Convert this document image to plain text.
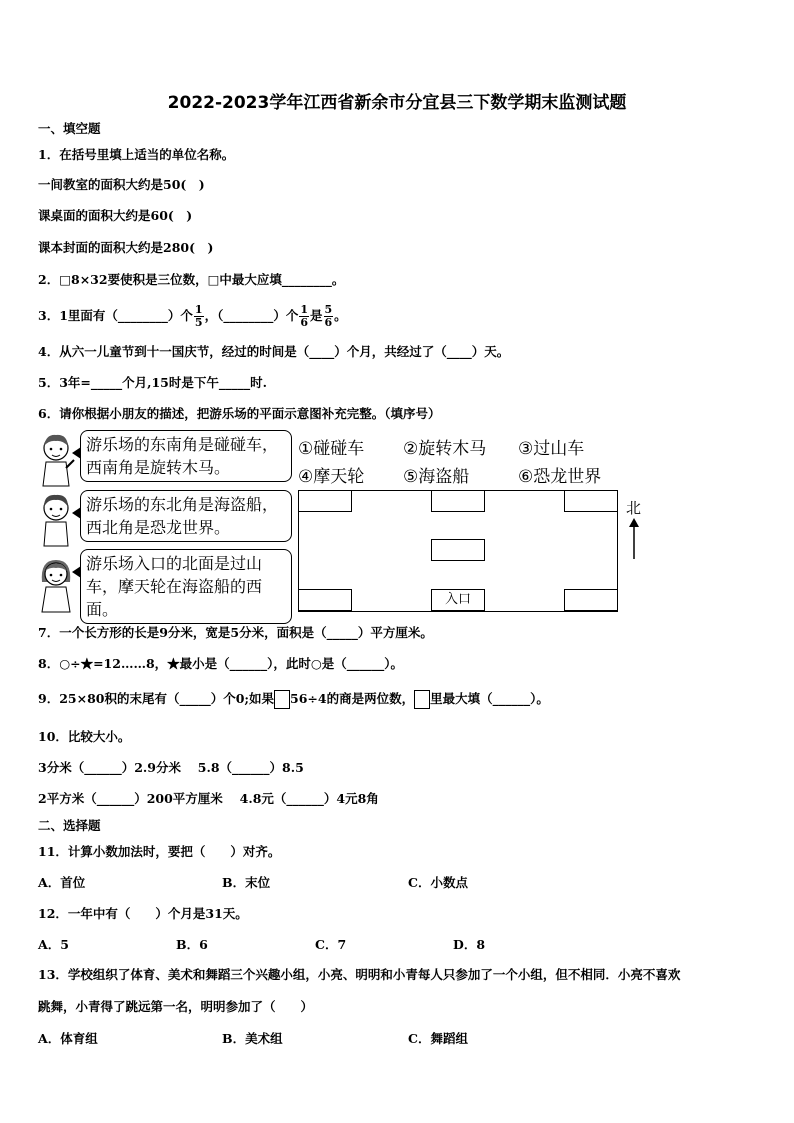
2022-2023学年江西省新余市分宜县三下数学期末监测试题
一、填空题
1．在括号里填上适当的单位名称。
一间教室的面积大约是50(　)
课桌面的面积大约是60(　)
课本封面的面积大约是280(　)
2．□8×32要使积是三位数，□中最大应填________。
3．1里面有（________）个 $\frac{1}{5}$ ，（________）个 $\frac{1}{6}$ 是 $\frac{5}{6}$ 。
4．从六一儿童节到十一国庆节，经过的时间是（____）个月，共经过了（____）天。
5．3年=_____个月,15时是下午_____时.
6．请你根据小朋友的描述，把游乐场的平面示意图补充完整。（填序号）
游乐场的东南角是碰碰车，西南角是旋转木马。
游乐场的东北角是海盗船，西北角是恐龙世界。
游乐场入口的北面是过山车，摩天轮在海盗船的西面。
①碰碰车 ②旋转木马 ③过山车
④摩天轮 ⑤海盗船	⑥恐龙世界
入口
北
7．一个长方形的长是9分米，宽是5分米，面积是（_____）平方厘米。
8．○÷★=12……8，★最小是（______），此时○是（______）。
9．25×80积的末尾有（_____）个0;如果 56÷4的商是两位数， 里最大填（______）。
10．比较大小。
3分米（______）2.9分米　 5.8（______）8.5
2平方米（______）200平方厘米　 4.8元（______）4元8角
二、选择题
11．计算小数加法时，要把（　　）对齐。
A．首位	B．末位	C．小数点
12．一年中有（　　）个月是31天。
A．5	B．6	C．7	D．8
13．学校组织了体育、美术和舞蹈三个兴趣小组，小亮、明明和小青每人只参加了一个小组，但不相同．小亮不喜欢
跳舞，小青得了跳远第一名，明明参加了（　　）
A．体育组	B．美术组	C．舞蹈组
